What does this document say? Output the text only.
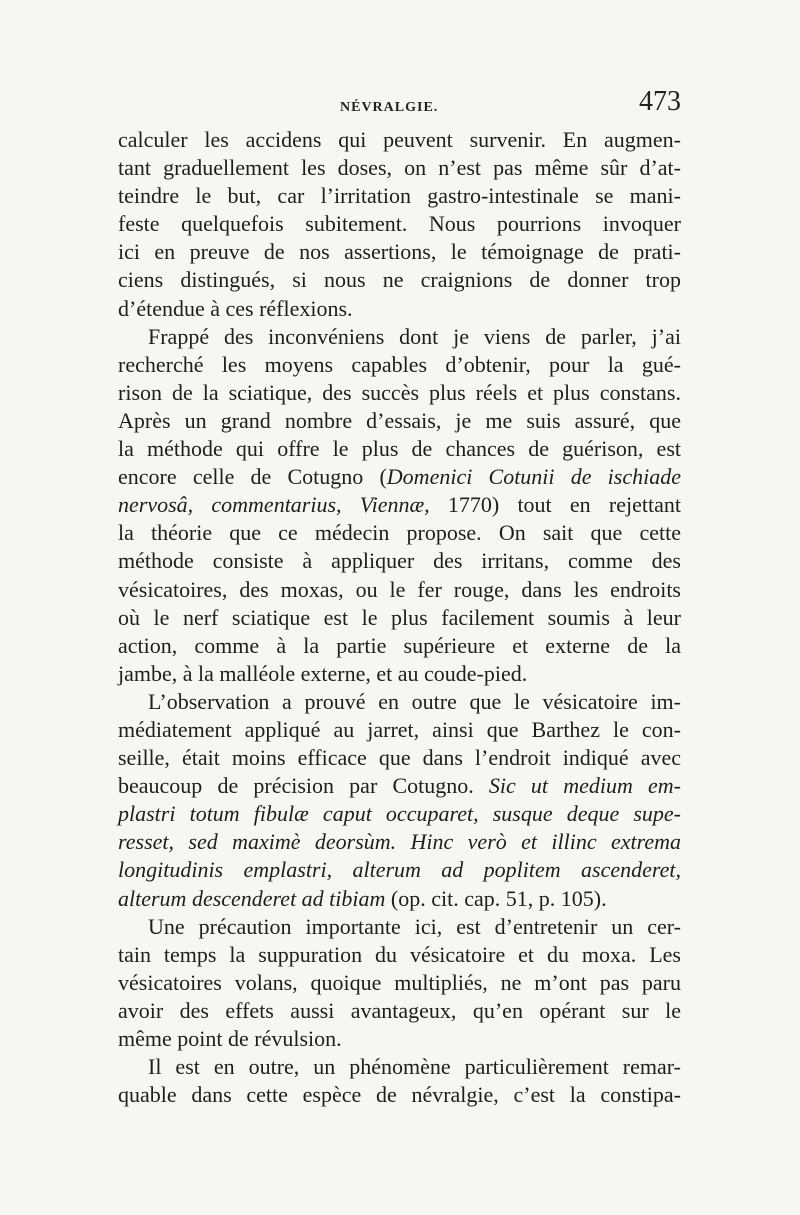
NÉVRALGIE.	473
calculer les accidens qui peuvent survenir. En augmen-
tant graduellement les doses, on n’est pas même sûr d’at-
teindre le but, car l’irritation gastro-intestinale se mani-
feste quelquefois subitement. Nous pourrions invoquer
ici en preuve de nos assertions, le témoignage de prati-
ciens distingués, si nous ne craignions de donner trop
d’étendue à ces réflexions.
Frappé des inconvéniens dont je viens de parler, j’ai
recherché les moyens capables d’obtenir, pour la gué-
rison de la sciatique, des succès plus réels et plus constans.
Après un grand nombre d’essais, je me suis assuré, que
la méthode qui offre le plus de chances de guérison, est
encore celle de Cotugno (Domenici Cotunii de ischiade
nervosâ, commentarius, Viennæ, 1770) tout en rejettant
la théorie que ce médecin propose. On sait que cette
méthode consiste à appliquer des irritans, comme des
vésicatoires, des moxas, ou le fer rouge, dans les endroits
où le nerf sciatique est le plus facilement soumis à leur
action, comme à la partie supérieure et externe de la
jambe, à la malléole externe, et au coude-pied.
L’observation a prouvé en outre que le vésicatoire im-
médiatement appliqué au jarret, ainsi que Barthez le con-
seille, était moins efficace que dans l’endroit indiqué avec
beaucoup de précision par Cotugno. Sic ut medium em-
plastri totum fibulæ caput occuparet, susque deque supe-
resset, sed maximè deorsùm. Hinc verò et illinc extrema
longitudinis emplastri, alterum ad poplitem ascenderet,
alterum descenderet ad tibiam (op. cit. cap. 51, p. 105).
Une précaution importante ici, est d’entretenir un cer-
tain temps la suppuration du vésicatoire et du moxa. Les
vésicatoires volans, quoique multipliés, ne m’ont pas paru
avoir des effets aussi avantageux, qu’en opérant sur le
même point de révulsion.
Il est en outre, un phénomène particulièrement remar-
quable dans cette espèce de névralgie, c’est la constipa-
